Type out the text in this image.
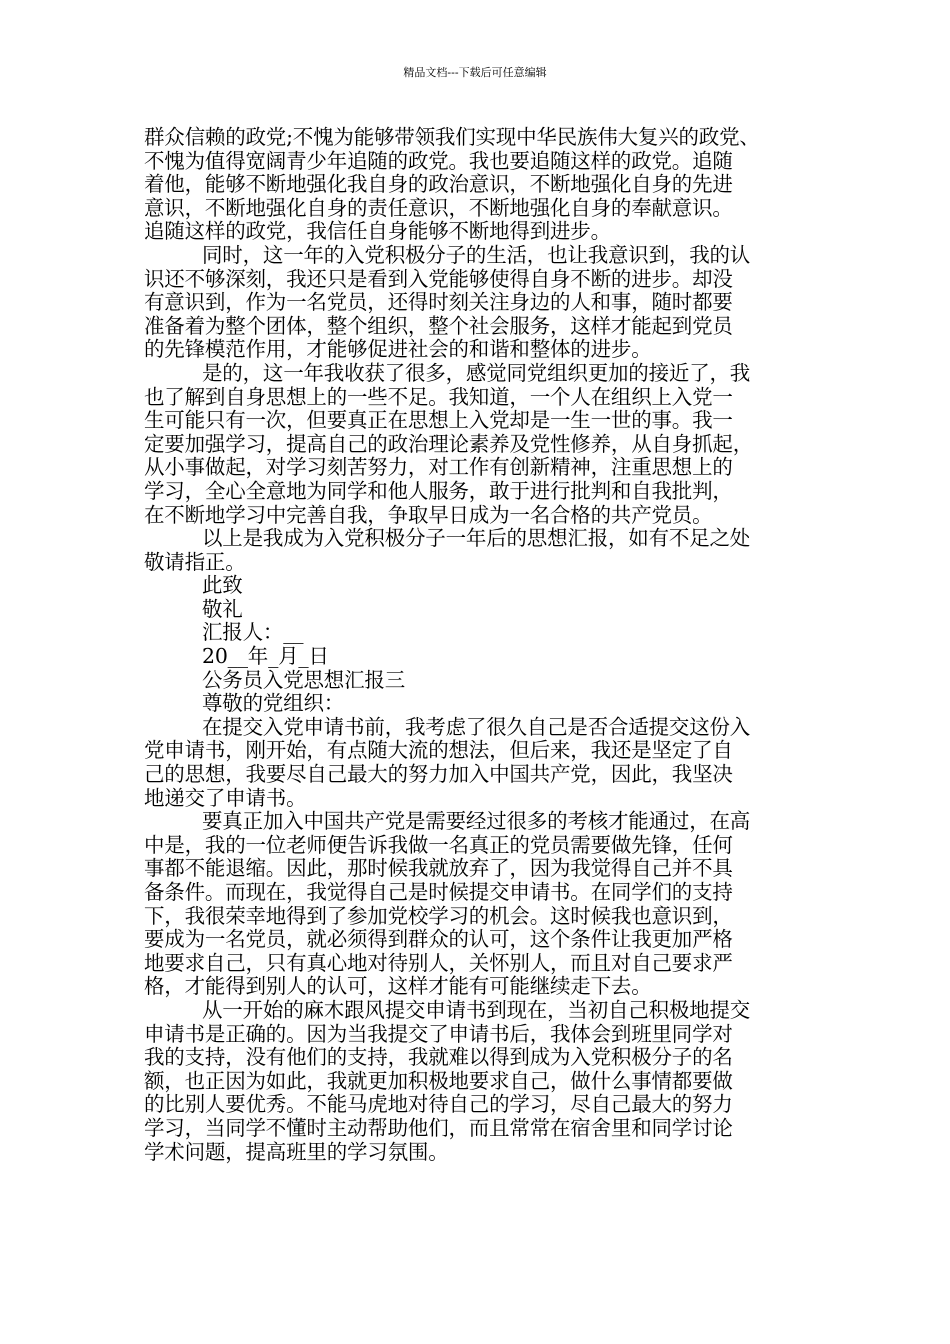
精品文档---下载后可任意编辑
群众信赖的政党;不愧为能够带领我们实现中华民族伟大复兴的政党、
不愧为值得宽阔青少年追随的政党。我也要追随这样的政党。追随
着他，能够不断地强化我自身的政治意识，不断地强化自身的先进
意识，不断地强化自身的责任意识，不断地强化自身的奉献意识。
追随这样的政党，我信任自身能够不断地得到进步。
同时，这一年的入党积极分子的生活，也让我意识到，我的认
识还不够深刻，我还只是看到入党能够使得自身不断的进步。却没
有意识到，作为一名党员，还得时刻关注身边的人和事，随时都要
准备着为整个团体，整个组织，整个社会服务，这样才能起到党员
的先锋模范作用，才能够促进社会的和谐和整体的进步。
是的，这一年我收获了很多，感觉同党组织更加的接近了，我
也了解到自身思想上的一些不足。我知道，一个人在组织上入党一
生可能只有一次，但要真正在思想上入党却是一生一世的事。我一
定要加强学习，提高自己的政治理论素养及党性修养，从自身抓起，
从小事做起，对学习刻苦努力，对工作有创新精神，注重思想上的
学习，全心全意地为同学和他人服务，敢于进行批判和自我批判，
在不断地学习中完善自我，争取早日成为一名合格的共产党员。
以上是我成为入党积极分子一年后的思想汇报，如有不足之处
敬请指正。
此致
敬礼
汇报人：__
20__年_月_日
公务员入党思想汇报三
尊敬的党组织：
在提交入党申请书前，我考虑了很久自己是否合适提交这份入
党申请书，刚开始，有点随大流的想法，但后来，我还是坚定了自
己的思想，我要尽自己最大的努力加入中国共产党，因此，我坚决
地递交了申请书。
要真正加入中国共产党是需要经过很多的考核才能通过，在高
中是，我的一位老师便告诉我做一名真正的党员需要做先锋，任何
事都不能退缩。因此，那时候我就放弃了，因为我觉得自己并不具
备条件。而现在，我觉得自己是时候提交申请书。在同学们的支持
下，我很荣幸地得到了参加党校学习的机会。这时候我也意识到，
要成为一名党员，就必须得到群众的认可，这个条件让我更加严格
地要求自己，只有真心地对待别人，关怀别人，而且对自己要求严
格，才能得到别人的认可，这样才能有可能继续走下去。
从一开始的麻木跟风提交申请书到现在，当初自己积极地提交
申请书是正确的。因为当我提交了申请书后，我体会到班里同学对
我的支持，没有他们的支持，我就难以得到成为入党积极分子的名
额，也正因为如此，我就更加积极地要求自己，做什么事情都要做
的比别人要优秀。不能马虎地对待自己的学习，尽自己最大的努力
学习，当同学不懂时主动帮助他们，而且常常在宿舍里和同学讨论
学术问题，提高班里的学习氛围。
